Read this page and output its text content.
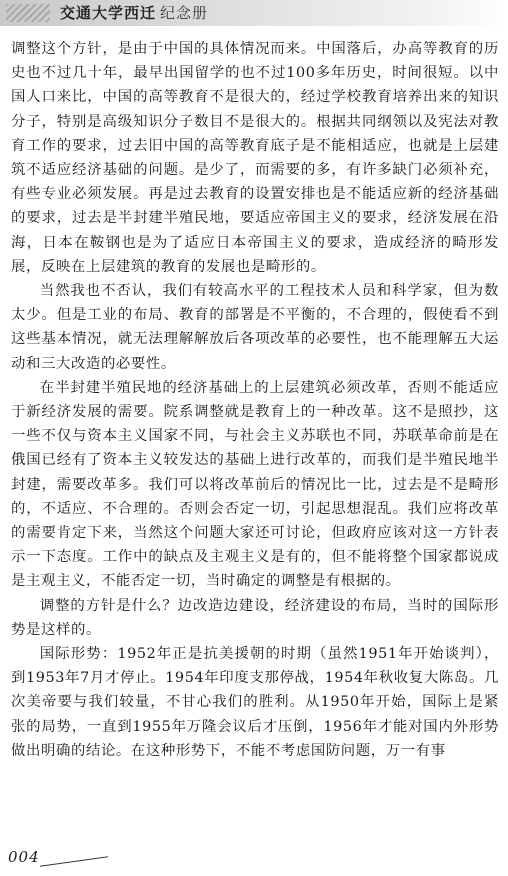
交通大学西迁 纪念册

调整这个方针，是由于中国的具体情况而来。中国落后，办高等教育的历史也不过几十年，最早出国留学的也不过100多年历史，时间很短。以中国人口来比，中国的高等教育不是很大的，经过学校教育培养出来的知识分子，特别是高级知识分子数目不是很大的。根据共同纲领以及宪法对教育工作的要求，过去旧中国的高等教育底子是不能相适应，也就是上层建筑不适应经济基础的问题。是少了，而需要的多，有许多缺门必须补充，有些专业必须发展。再是过去教育的设置安排也是不能适应新的经济基础的要求，过去是半封建半殖民地，要适应帝国主义的要求，经济发展在沿海，日本在鞍钢也是为了适应日本帝国主义的要求，造成经济的畸形发展，反映在上层建筑的教育的发展也是畸形的。

当然我也不否认，我们有较高水平的工程技术人员和科学家，但为数太少。但是工业的布局、教育的部署是不平衡的，不合理的，假使看不到这些基本情况，就无法理解解放后各项改革的必要性，也不能理解五大运动和三大改造的必要性。

在半封建半殖民地的经济基础上的上层建筑必须改革，否则不能适应于新经济发展的需要。院系调整就是教育上的一种改革。这不是照抄，这一些不仅与资本主义国家不同，与社会主义苏联也不同，苏联革命前是在俄国已经有了资本主义较发达的基础上进行改革的，而我们是半殖民地半封建，需要改革多。我们可以将改革前后的情况比一比，过去是不是畸形的，不适应、不合理的。否则会否定一切，引起思想混乱。我们应将改革的需要肯定下来，当然这个问题大家还可讨论，但政府应该对这一方针表示一下态度。工作中的缺点及主观主义是有的，但不能将整个国家都说成是主观主义，不能否定一切，当时确定的调整是有根据的。

调整的方针是什么？边改造边建设，经济建设的布局，当时的国际形势是这样的。

国际形势：1952年正是抗美援朝的时期（虽然1951年开始谈判），到1953年7月才停止。1954年印度支那停战，1954年秋收复大陈岛。几次美帝要与我们较量，不甘心我们的胜利。从1950年开始，国际上是紧张的局势，一直到1955年万隆会议后才压倒，1956年才能对国内外形势做出明确的结论。在这种形势下，不能不考虑国防问题，万一有事

004
